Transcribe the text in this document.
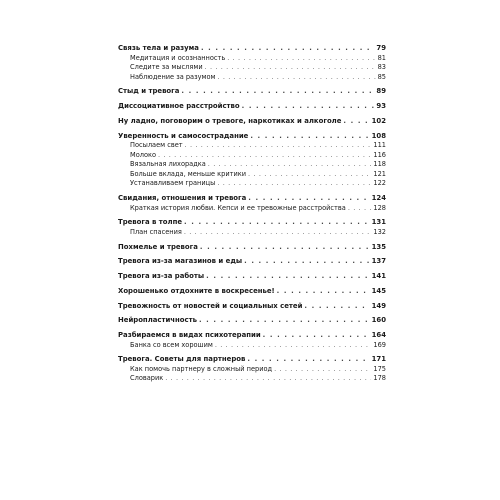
Связь тела и разума . . .	79
Медитация и осознанность . . .	81
Следите за мыслями . . .	83
Наблюдение за разумом . . .	85
Стыд и тревога . . .	89
Диссоциативное расстройство . . .	93
Ну ладно, поговорим о тревоге, наркотиках и алкоголе . . .	102
Уверенность и самосострадание . . .	108
Посылаем свет . . .	111
Молоко . . .	116
Вязальная лихорадка . . .	118
Больше вклада, меньше критики . . .	121
Устанавливаем границы . . .	122
Свидания, отношения и тревога . . .	124
Краткая история любви. Кепси и ее тревожные расстройства . . .	128
Тревога в толпе . . .	131
План спасения . . .	132
Похмелье и тревога . . .	135
Тревога из-за магазинов и еды . . .	137
Тревога из-за работы . . .	141
Хорошенько отдохните в воскресенье! . . .	145
Тревожность от новостей и социальных сетей . . .	149
Нейропластичность . . .	160
Разбираемся в видах психотерапии . . .	164
Банка со всем хорошим . . .	169
Тревога. Советы для партнеров . . .	171
Как помочь партнеру в сложный период . . .	175
Словарик . . .	178
